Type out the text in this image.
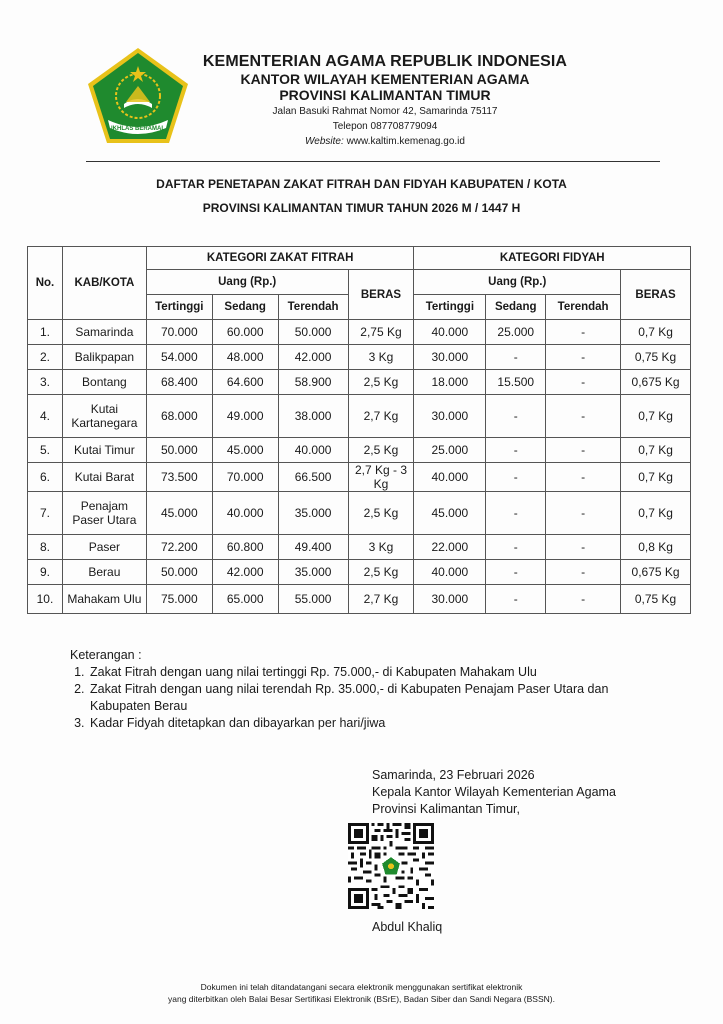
IKHLAS BERAMAL
KEMENTERIAN AGAMA REPUBLIK INDONESIA
KANTOR WILAYAH KEMENTERIAN AGAMA
PROVINSI KALIMANTAN TIMUR
Jalan Basuki Rahmat Nomor 42, Samarinda 75117
Telepon 087708779094
Website: www.kaltim.kemenag.go.id
DAFTAR PENETAPAN ZAKAT FITRAH DAN FIDYAH KABUPATEN / KOTA
PROVINSI KALIMANTAN TIMUR TAHUN 2026 M / 1447 H
No.	KAB/KOTA	KATEGORI ZAKAT FITRAH				KATEGORI FIDYAH			
		Uang (Rp.)			BERAS	Uang (Rp.)			BERAS
		Tertinggi	Sedang	Terendah		Tertinggi	Sedang	Terendah	
1.	Samarinda	70.000	60.000	50.000	2,75 Kg	40.000	25.000	-	0,7 Kg
2.	Balikpapan	54.000	48.000	42.000	3 Kg	30.000	-	-	0,75 Kg
3.	Bontang	68.400	64.600	58.900	2,5 Kg	18.000	15.500	-	0,675 Kg
4.	Kutai Kartanegara	68.000	49.000	38.000	2,7 Kg	30.000	-	-	0,7 Kg
5.	Kutai Timur	50.000	45.000	40.000	2,5 Kg	25.000	-	-	0,7 Kg
6.	Kutai Barat	73.500	70.000	66.500	2,7 Kg - 3 Kg	40.000	-	-	0,7 Kg
7.	Penajam Paser Utara	45.000	40.000	35.000	2,5 Kg	45.000	-	-	0,7 Kg
8.	Paser	72.200	60.800	49.400	3 Kg	22.000	-	-	0,8 Kg
9.	Berau	50.000	42.000	35.000	2,5 Kg	40.000	-	-	0,675 Kg
10.	Mahakam Ulu	75.000	65.000	55.000	2,7 Kg	30.000	-	-	0,75 Kg
Keterangan :
1. Zakat Fitrah dengan uang nilai tertinggi Rp. 75.000,- di Kabupaten Mahakam Ulu
2. Zakat Fitrah dengan uang nilai terendah Rp. 35.000,- di Kabupaten Penajam Paser Utara dan Kabupaten Berau
3. Kadar Fidyah ditetapkan dan dibayarkan per hari/jiwa
Samarinda, 23 Februari 2026
Kepala Kantor Wilayah Kementerian Agama
Provinsi Kalimantan Timur,
Abdul Khaliq
Dokumen ini telah ditandatangani secara elektronik menggunakan sertifikat elektronik
yang diterbitkan oleh Balai Besar Sertifikasi Elektronik (BSrE), Badan Siber dan Sandi Negara (BSSN).
